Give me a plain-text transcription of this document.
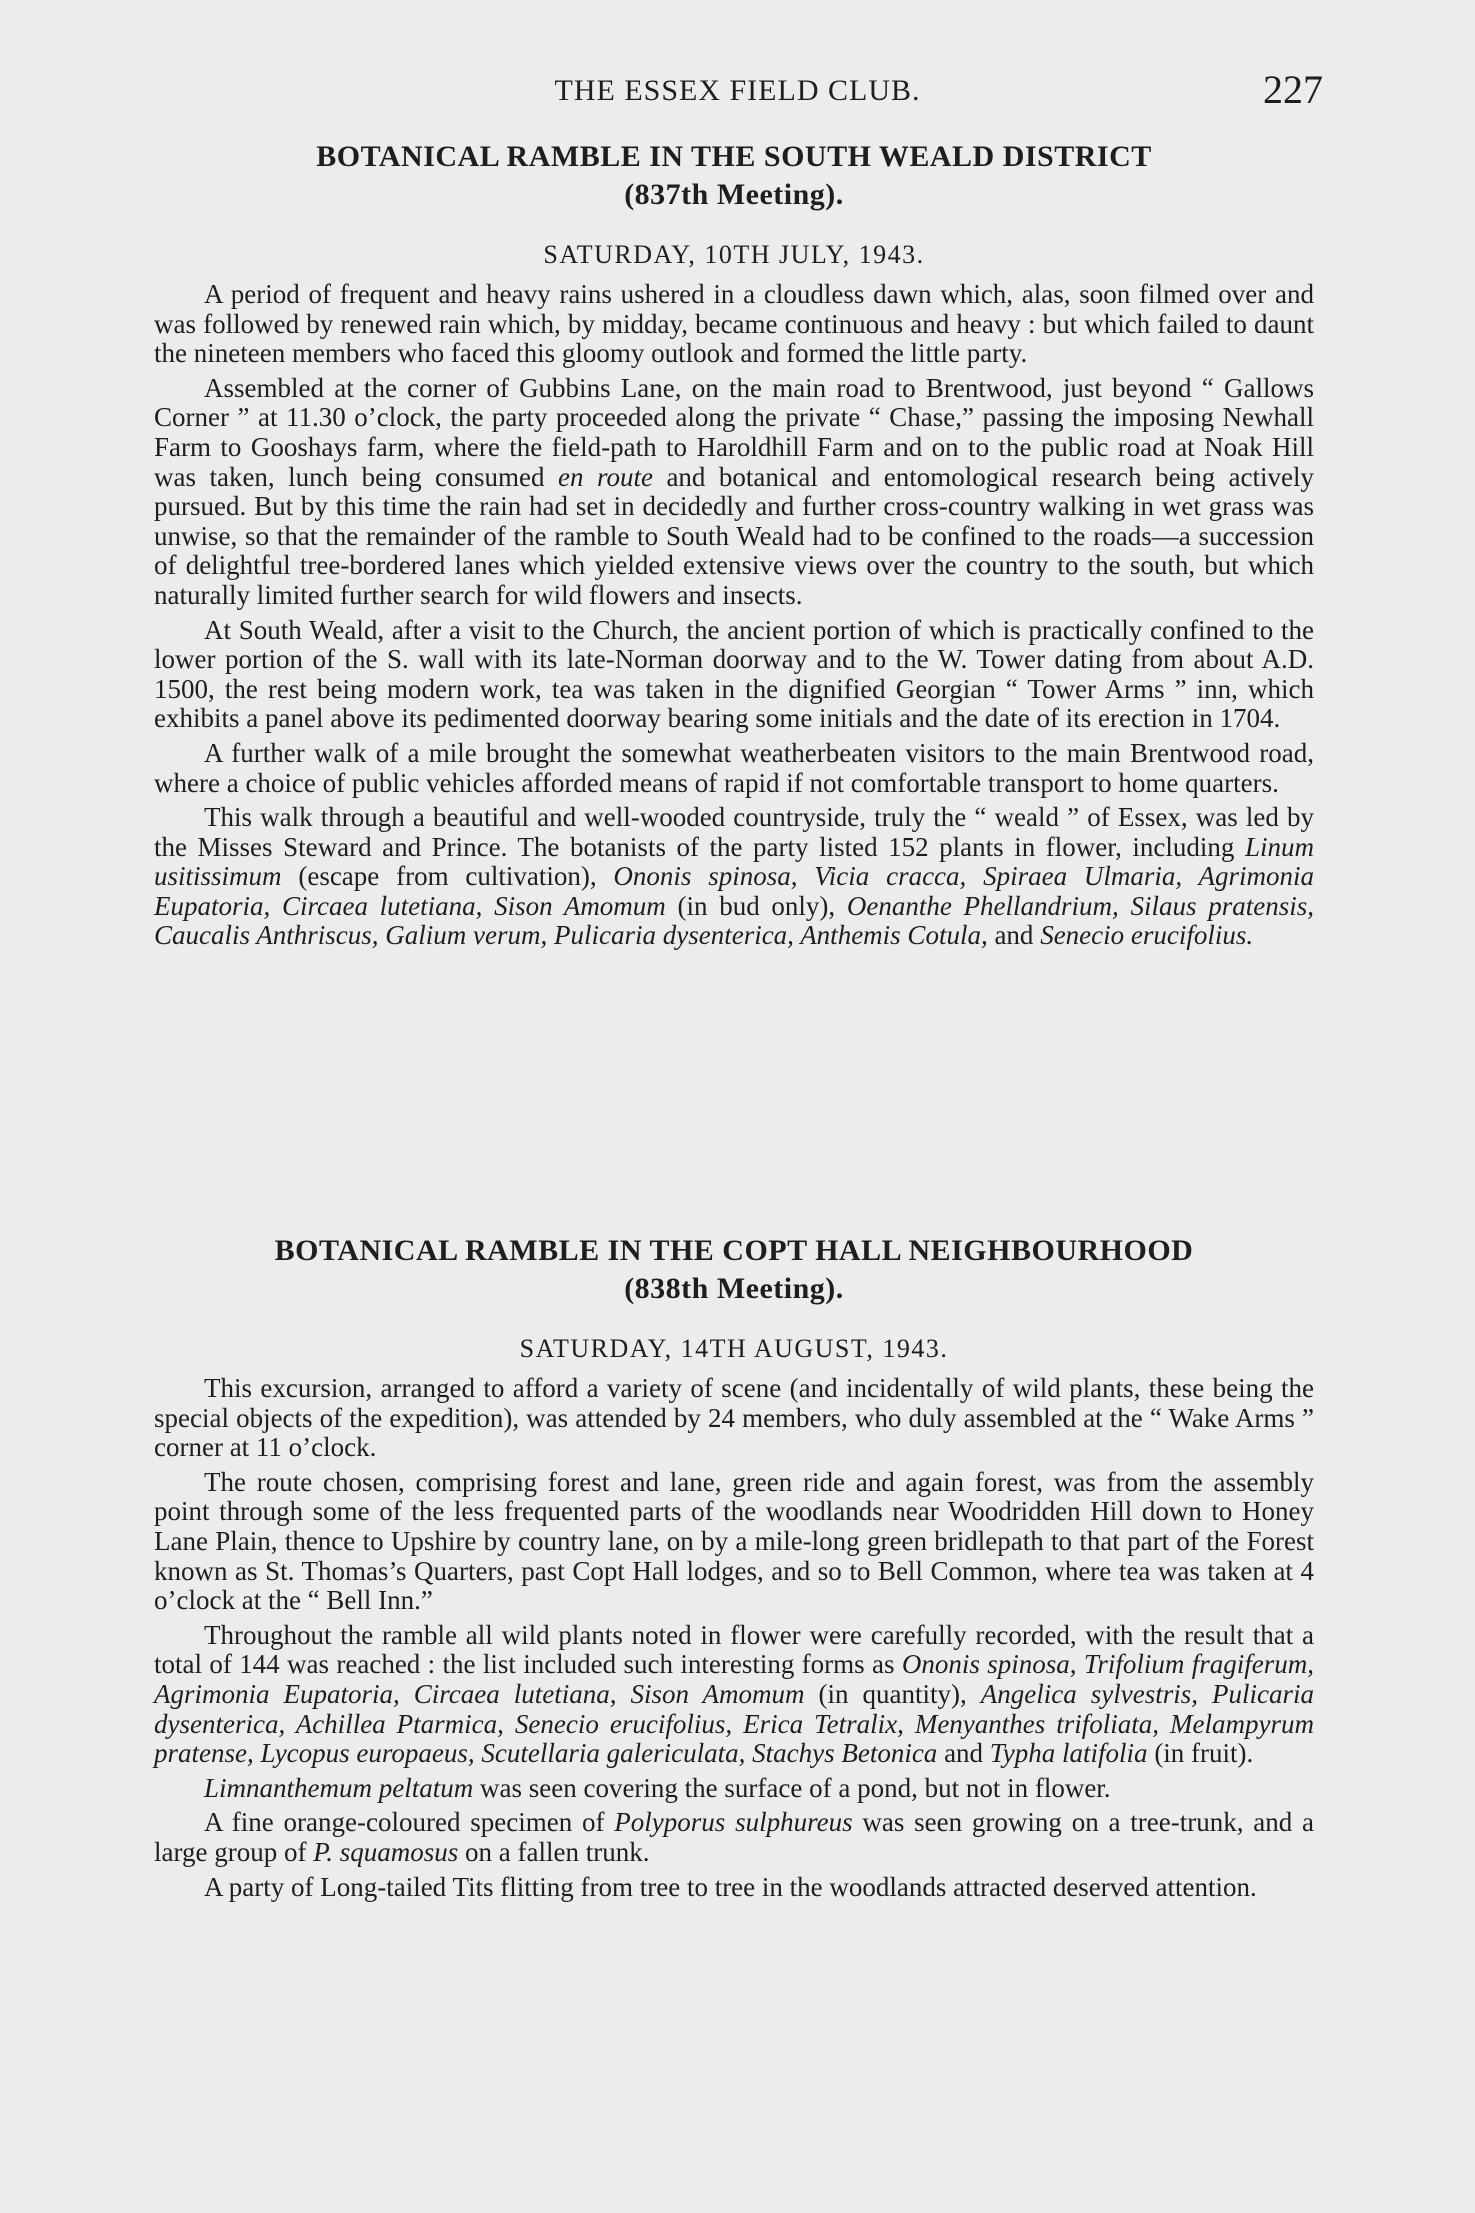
THE ESSEX FIELD CLUB.	227
BOTANICAL RAMBLE IN THE SOUTH WEALD DISTRICT
(837th Meeting).
SATURDAY, 10TH JULY, 1943.

A period of frequent and heavy rains ushered in a cloudless dawn which, alas, soon filmed over and was followed by renewed rain which, by midday, became continuous and heavy : but which failed to daunt the nineteen members who faced this gloomy outlook and formed the little party.

Assembled at the corner of Gubbins Lane, on the main road to Brentwood, just beyond “ Gallows Corner ” at 11.30 o’clock, the party proceeded along the private “ Chase,” passing the imposing Newhall Farm to Gooshays farm, where the field-path to Haroldhill Farm and on to the public road at Noak Hill was taken, lunch being consumed en route and botanical and entomological research being actively pursued. But by this time the rain had set in decidedly and further cross-country walking in wet grass was unwise, so that the remainder of the ramble to South Weald had to be confined to the roads—a succession of delightful tree-bordered lanes which yielded extensive views over the country to the south, but which naturally limited further search for wild flowers and insects.

At South Weald, after a visit to the Church, the ancient portion of which is practically confined to the lower portion of the S. wall with its late-Norman doorway and to the W. Tower dating from about A.D. 1500, the rest being modern work, tea was taken in the dignified Georgian “ Tower Arms ” inn, which exhibits a panel above its pedimented doorway bearing some initials and the date of its erection in 1704.

A further walk of a mile brought the somewhat weatherbeaten visitors to the main Brentwood road, where a choice of public vehicles afforded means of rapid if not comfortable transport to home quarters.

This walk through a beautiful and well-wooded countryside, truly the “ weald ” of Essex, was led by the Misses Steward and Prince. The botanists of the party listed 152 plants in flower, including Linum usitissimum (escape from cultivation), Ononis spinosa, Vicia cracca, Spiraea Ulmaria, Agrimonia Eupatoria, Circaea lutetiana, Sison Amomum (in bud only), Oenanthe Phellandrium, Silaus pratensis, Caucalis Anthriscus, Galium verum, Pulicaria dysenterica, Anthemis Cotula, and Senecio erucifolius.

BOTANICAL RAMBLE IN THE COPT HALL NEIGHBOURHOOD
(838th Meeting).
SATURDAY, 14TH AUGUST, 1943.

This excursion, arranged to afford a variety of scene (and incidentally of wild plants, these being the special objects of the expedition), was attended by 24 members, who duly assembled at the “ Wake Arms ” corner at 11 o’clock.

The route chosen, comprising forest and lane, green ride and again forest, was from the assembly point through some of the less frequented parts of the woodlands near Woodridden Hill down to Honey Lane Plain, thence to Upshire by country lane, on by a mile-long green bridlepath to that part of the Forest known as St. Thomas’s Quarters, past Copt Hall lodges, and so to Bell Common, where tea was taken at 4 o’clock at the “ Bell Inn.”

Throughout the ramble all wild plants noted in flower were carefully recorded, with the result that a total of 144 was reached : the list included such interesting forms as Ononis spinosa, Trifolium fragiferum, Agrimonia Eupatoria, Circaea lutetiana, Sison Amomum (in quantity), Angelica sylvestris, Pulicaria dysenterica, Achillea Ptarmica, Senecio erucifolius, Erica Tetralix, Menyanthes trifoliata, Melampyrum pratense, Lycopus europaeus, Scutellaria galericulata, Stachys Betonica and Typha latifolia (in fruit).

Limnanthemum peltatum was seen covering the surface of a pond, but not in flower.

A fine orange-coloured specimen of Polyporus sulphureus was seen growing on a tree-trunk, and a large group of P. squamosus on a fallen trunk.

A party of Long-tailed Tits flitting from tree to tree in the woodlands attracted deserved attention.
